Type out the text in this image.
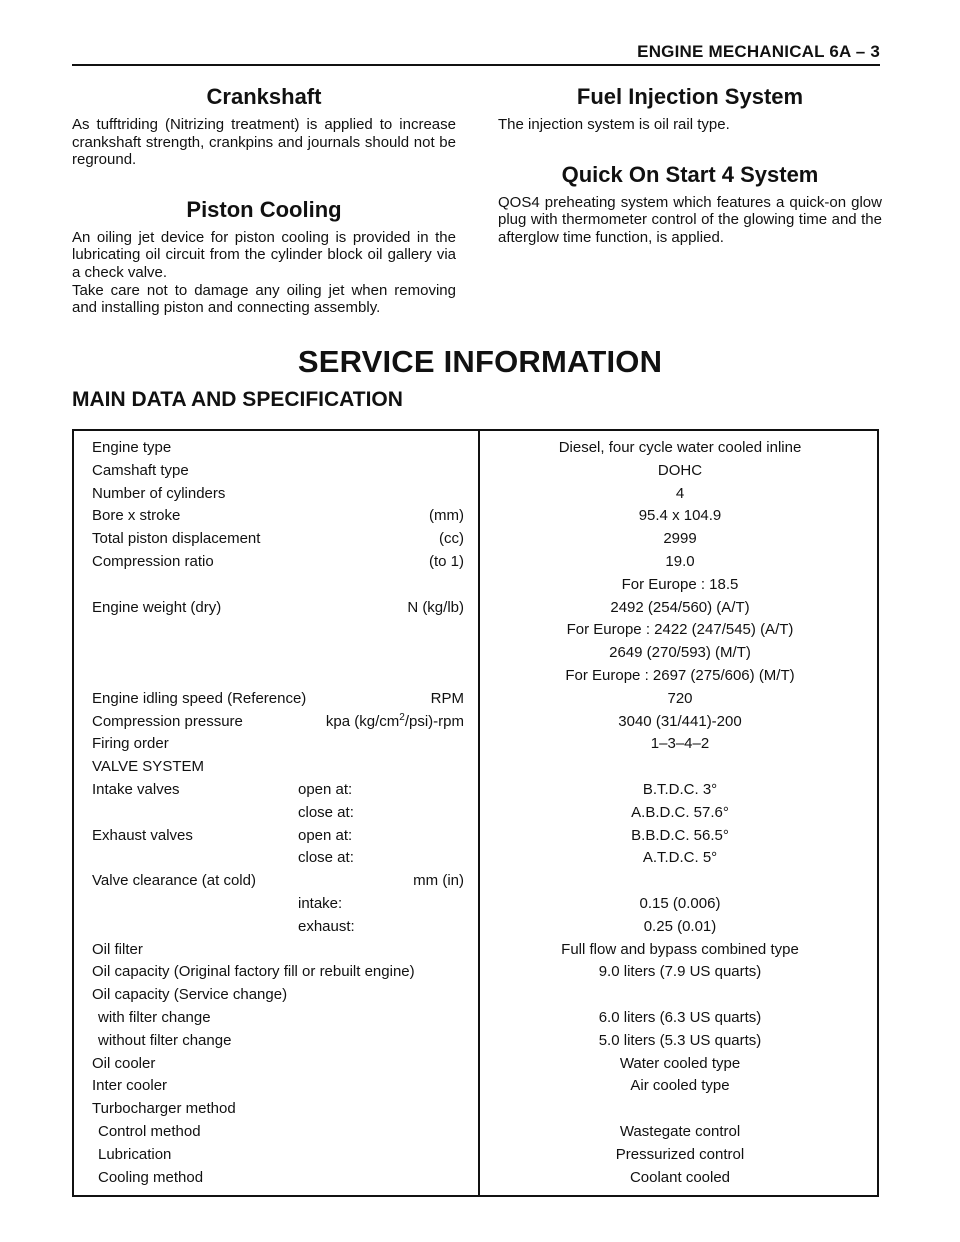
ENGINE MECHANICAL 6A – 3
Crankshaft

As tufftriding (Nitrizing treatment) is applied to increase crankshaft strength, crankpins and journals should not be reground.

Piston Cooling

An oiling jet device for piston cooling is provided in the lubricating oil circuit from the cylinder block oil gallery via a check valve.

Take care not to damage any oiling jet when removing and installing piston and connecting assembly.

Fuel Injection System

The injection system is oil rail type.

Quick On Start 4 System

QOS4 preheating system which features a quick-on glow plug with thermometer control of the glowing time and the afterglow time function, is applied.

SERVICE INFORMATION
MAIN DATA AND SPECIFICATION
Engine type	Diesel, four cycle water cooled inline
Camshaft type	DOHC
Number of cylinders	4
Bore x stroke	(mm)	95.4 x 104.9
Total piston displacement	(cc)	2999
Compression ratio	(to 1)	19.0
For Europe : 18.5
Engine weight (dry)	N (kg/lb)	2492 (254/560) (A/T)
For Europe : 2422 (247/545) (A/T)
2649 (270/593) (M/T)
For Europe : 2697 (275/606) (M/T)
Engine idling speed (Reference)	RPM	720
Compression pressure	kpa $(kg/cm^2/psi)$-rpm	3040 (31/441)-200
Firing order	1–3–4–2
VALVE SYSTEM
Intake valves	open at:	B.T.D.C. 3°
close at:	A.B.D.C. 57.6°
Exhaust valves	open at:	B.B.D.C. 56.5°
close at:	A.T.D.C. 5°
Valve clearance (at cold)	mm (in)
intake:	0.15 (0.006)
exhaust:	0.25 (0.01)
Oil filter	Full flow and bypass combined type
Oil capacity (Original factory fill or rebuilt engine)	9.0 liters (7.9 US quarts)
Oil capacity (Service change)
with filter change	6.0 liters (6.3 US quarts)
without filter change	5.0 liters (5.3 US quarts)
Oil cooler	Water cooled type
Inter cooler	Air cooled type
Turbocharger method
Control method	Wastegate control
Lubrication	Pressurized control
Cooling method	Coolant cooled
